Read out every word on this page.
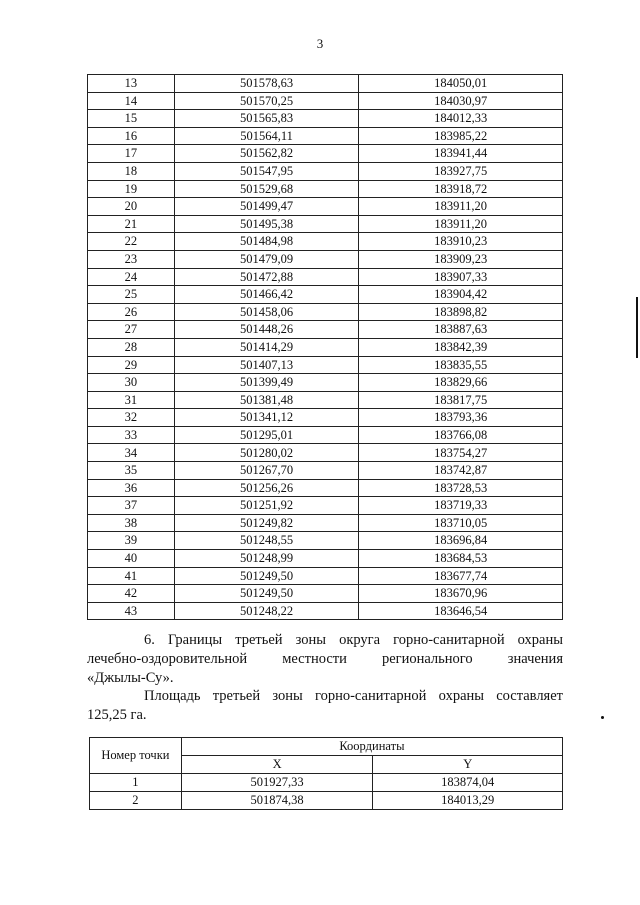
3
13	501578,63	184050,01
14	501570,25	184030,97
15	501565,83	184012,33
16	501564,11	183985,22
17	501562,82	183941,44
18	501547,95	183927,75
19	501529,68	183918,72
20	501499,47	183911,20
21	501495,38	183911,20
22	501484,98	183910,23
23	501479,09	183909,23
24	501472,88	183907,33
25	501466,42	183904,42
26	501458,06	183898,82
27	501448,26	183887,63
28	501414,29	183842,39
29	501407,13	183835,55
30	501399,49	183829,66
31	501381,48	183817,75
32	501341,12	183793,36
33	501295,01	183766,08
34	501280,02	183754,27
35	501267,70	183742,87
36	501256,26	183728,53
37	501251,92	183719,33
38	501249,82	183710,05
39	501248,55	183696,84
40	501248,99	183684,53
41	501249,50	183677,74
42	501249,50	183670,96
43	501248,22	183646,54
6. Границы третьей зоны округа горно-санитарной охраны
лечебно-оздоровительной местности регионального значения
«Джылы-Су».
Площадь третьей зоны горно-санитарной охраны составляет
125,25 га.
Номер точки	Координаты	
	X	Y
1	501927,33	183874,04
2	501874,38	184013,29
